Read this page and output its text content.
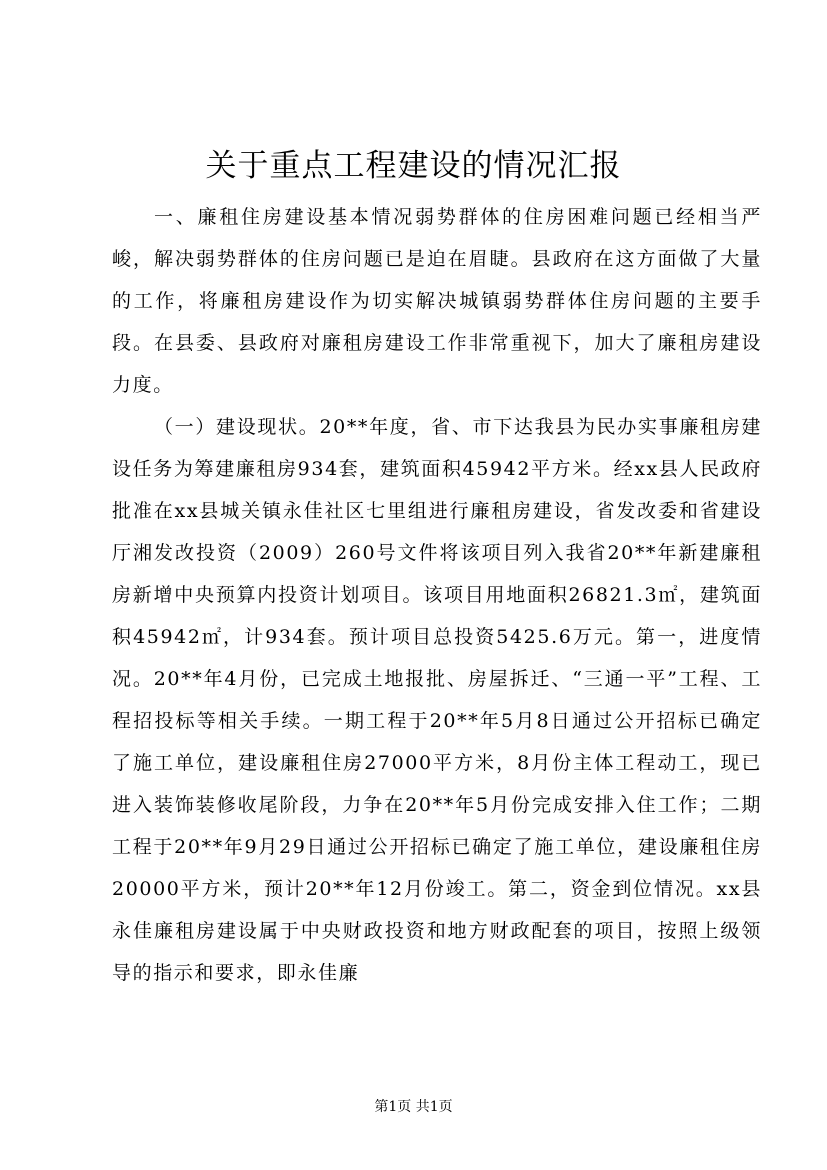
关于重点工程建设的情况汇报

一、廉租住房建设基本情况弱势群体的住房困难问题已经相当严峻，解决弱势群体的住房问题已是迫在眉睫。县政府在这方面做了大量的工作，将廉租房建设作为切实解决城镇弱势群体住房问题的主要手段。在县委、县政府对廉租房建设工作非常重视下，加大了廉租房建设力度。

（一）建设现状。20**年度，省、市下达我县为民办实事廉租房建设任务为筹建廉租房934套，建筑面积45942平方米。经xx县人民政府批准在xx县城关镇永佳社区七里组进行廉租房建设，省发改委和省建设厅湘发改投资（2009）260号文件将该项目列入我省20**年新建廉租房新增中央预算内投资计划项目。该项目用地面积26821.3㎡，建筑面积45942㎡，计934套。预计项目总投资5425.6万元。第一，进度情况。20**年4月份，已完成土地报批、房屋拆迁、“三通一平”工程、工程招投标等相关手续。一期工程于20**年5月8日通过公开招标已确定了施工单位，建设廉租住房27000平方米，8月份主体工程动工，现已进入装饰装修收尾阶段，力争在20**年5月份完成安排入住工作；二期工程于20**年9月29日通过公开招标已确定了施工单位，建设廉租住房20000平方米，预计20**年12月份竣工。第二，资金到位情况。xx县永佳廉租房建设属于中央财政投资和地方财政配套的项目，按照上级领导的指示和要求，即永佳廉

第1页 共1页
